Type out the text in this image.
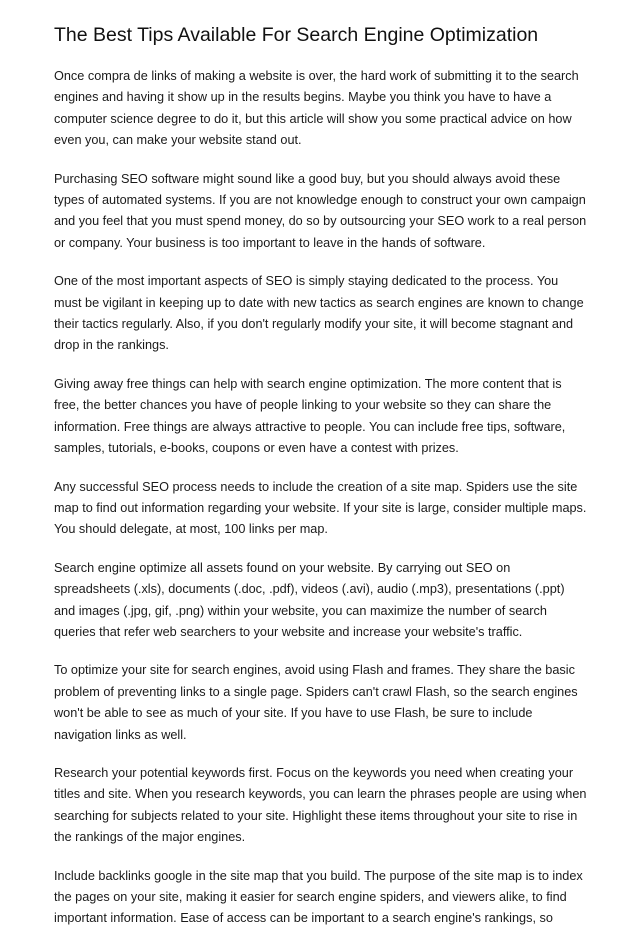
The Best Tips Available For Search Engine Optimization

Once compra de links of making a website is over, the hard work of submitting it to the search engines and having it show up in the results begins. Maybe you think you have to have a computer science degree to do it, but this article will show you some practical advice on how even you, can make your website stand out.

Purchasing SEO software might sound like a good buy, but you should always avoid these types of automated systems. If you are not knowledge enough to construct your own campaign and you feel that you must spend money, do so by outsourcing your SEO work to a real person or company. Your business is too important to leave in the hands of software.

One of the most important aspects of SEO is simply staying dedicated to the process. You must be vigilant in keeping up to date with new tactics as search engines are known to change their tactics regularly. Also, if you don't regularly modify your site, it will become stagnant and drop in the rankings.

Giving away free things can help with search engine optimization. The more content that is free, the better chances you have of people linking to your website so they can share the information. Free things are always attractive to people. You can include free tips, software, samples, tutorials, e-books, coupons or even have a contest with prizes.

Any successful SEO process needs to include the creation of a site map. Spiders use the site map to find out information regarding your website. If your site is large, consider multiple maps. You should delegate, at most, 100 links per map.

Search engine optimize all assets found on your website. By carrying out SEO on spreadsheets (.xls), documents (.doc, .pdf), videos (.avi), audio (.mp3), presentations (.ppt) and images (.jpg, gif, .png) within your website, you can maximize the number of search queries that refer web searchers to your website and increase your website's traffic.

To optimize your site for search engines, avoid using Flash and frames. They share the basic problem of preventing links to a single page. Spiders can't crawl Flash, so the search engines won't be able to see as much of your site. If you have to use Flash, be sure to include navigation links as well.

Research your potential keywords first. Focus on the keywords you need when creating your titles and site. When you research keywords, you can learn the phrases people are using when searching for subjects related to your site. Highlight these items throughout your site to rise in the rankings of the major engines.

Include backlinks google in the site map that you build. The purpose of the site map is to index the pages on your site, making it easier for search engine spiders, and viewers alike, to find important information. Ease of access can be important to a search engine's rankings, so
